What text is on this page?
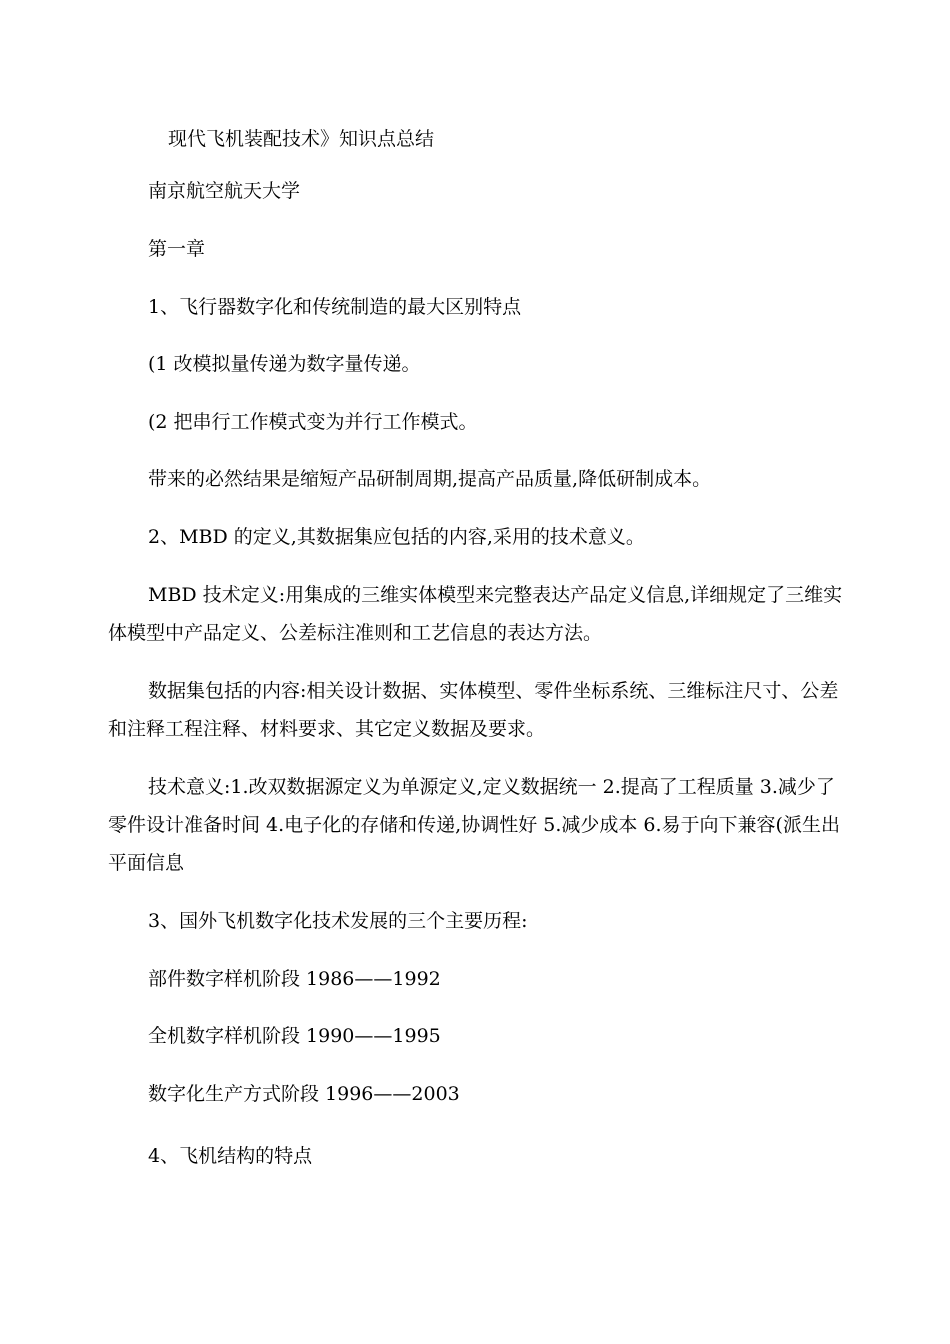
现代飞机装配技术》知识点总结

南京航空航天大学

第一章

1、飞行器数字化和传统制造的最大区别特点

(1 改模拟量传递为数字量传递。

(2 把串行工作模式变为并行工作模式。

带来的必然结果是缩短产品研制周期,提高产品质量,降低研制成本。

2、MBD 的定义,其数据集应包括的内容,采用的技术意义。

MBD 技术定义:用集成的三维实体模型来完整表达产品定义信息,详细规定了三维实体模型中产品定义、公差标注准则和工艺信息的表达方法。

数据集包括的内容:相关设计数据、实体模型、零件坐标系统、三维标注尺寸、公差和注释工程注释、材料要求、其它定义数据及要求。

技术意义:1.改双数据源定义为单源定义,定义数据统一 2.提高了工程质量 3.减少了零件设计准备时间 4.电子化的存储和传递,协调性好 5.减少成本 6.易于向下兼容(派生出平面信息

3、国外飞机数字化技术发展的三个主要历程:

部件数字样机阶段 1986——1992

全机数字样机阶段 1990——1995

数字化生产方式阶段 1996——2003

4、飞机结构的特点
